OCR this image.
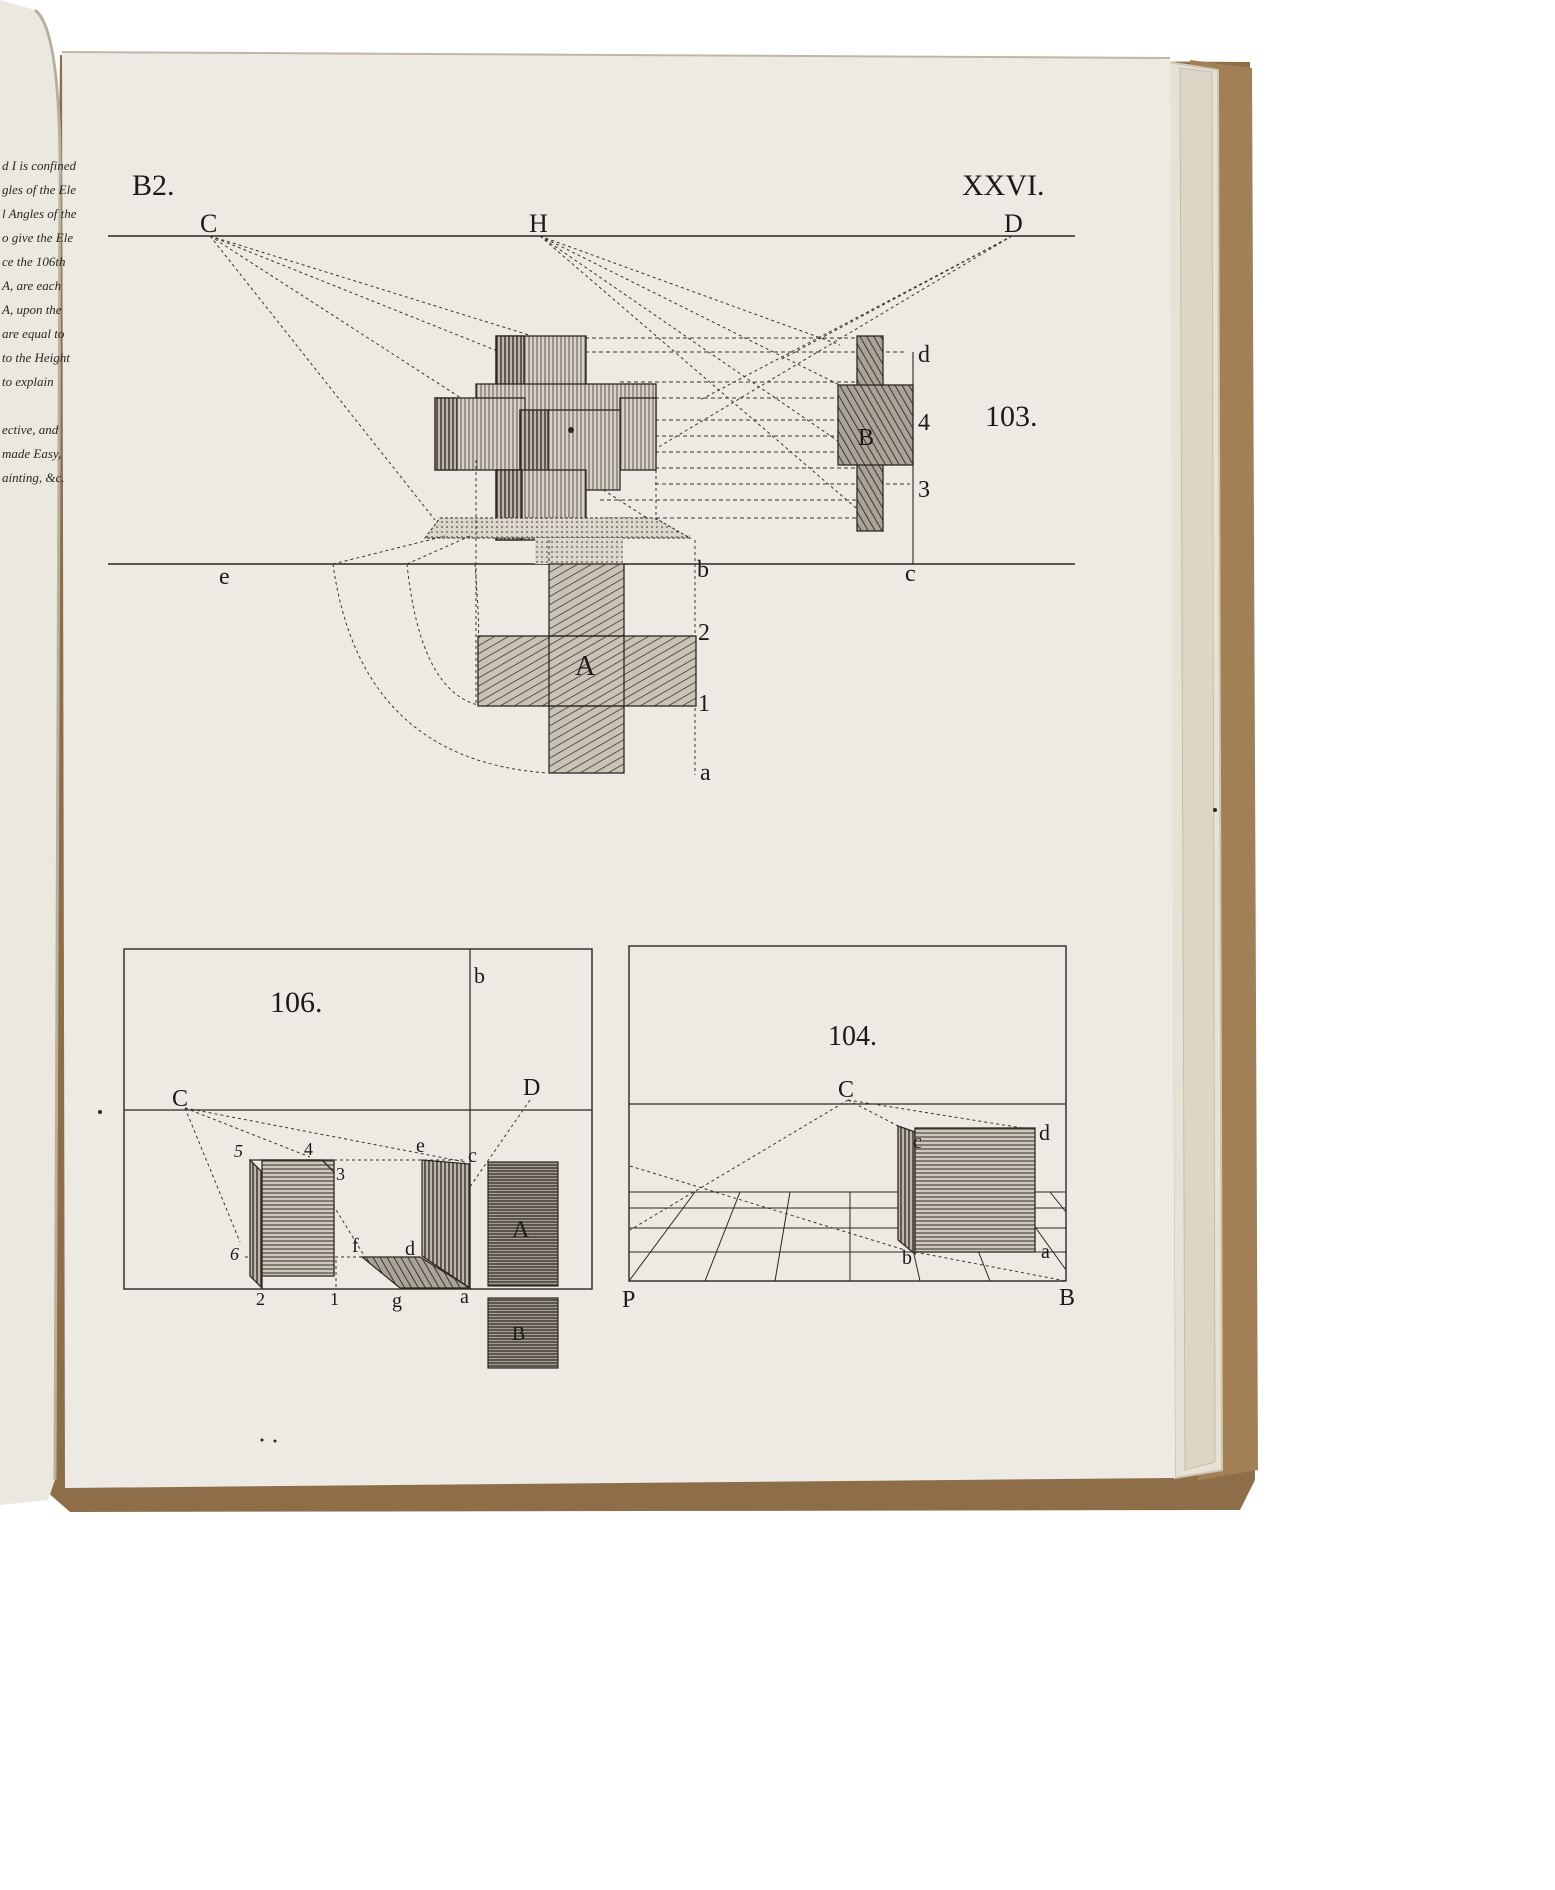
d I is confined
gles of the Ele
l Angles of the
o give the Ele
ce the 106th
A, are each
A, upon the
are equal to
to the Height
to explain
ective, and
made Easy,
ainting, &c.
B2.	XXVI.
C	H	D
e	b	c
A
B
d
4
3
2
1
a
103.
106.
b
C	D
5	4
3
e c
6	f d
2	1	g	a
A
B
104.
C
c	d
b	a
P	B
